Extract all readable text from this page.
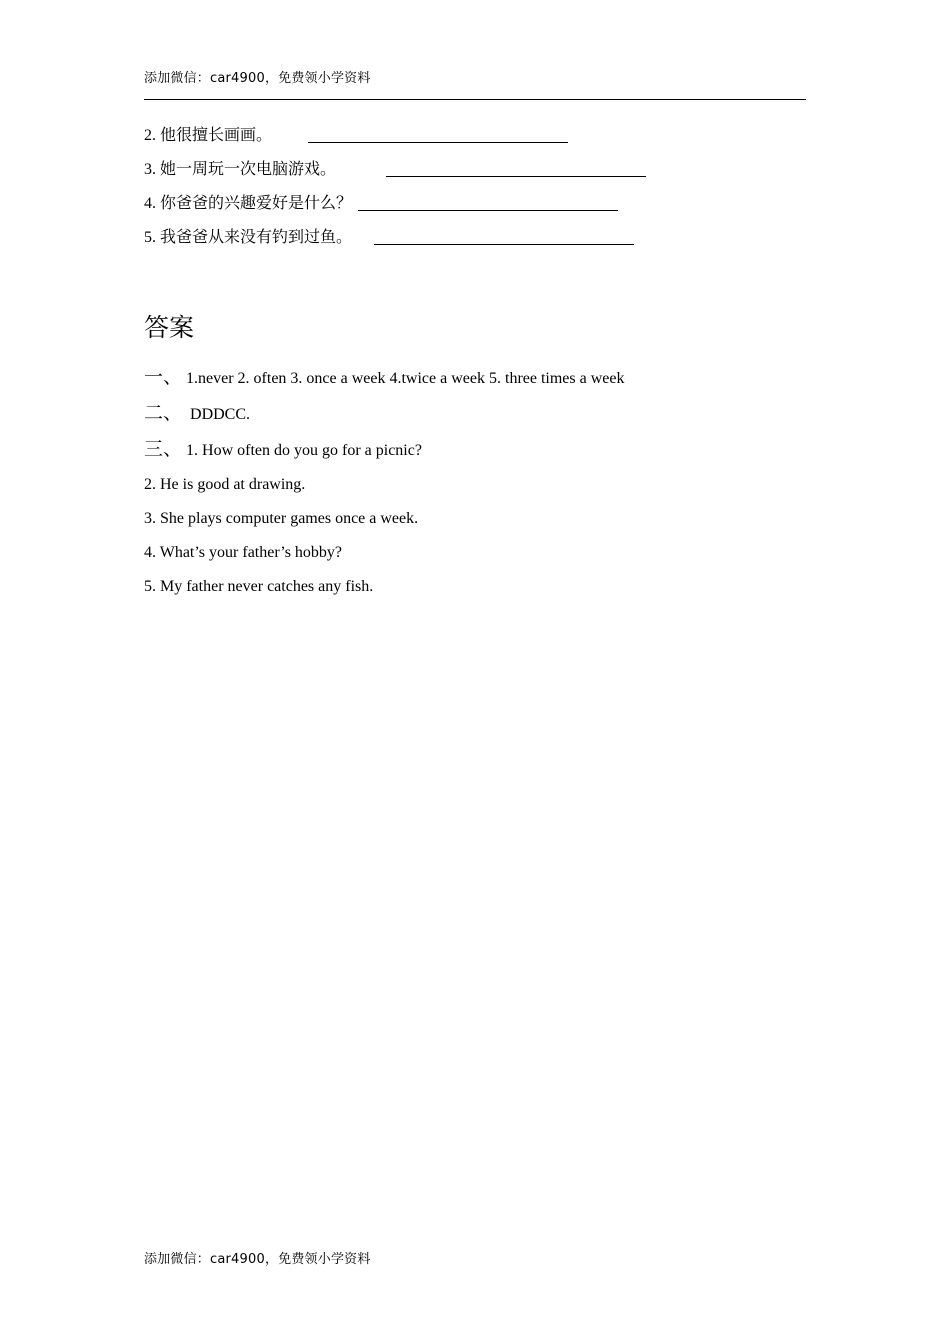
添加微信：car4900，免费领小学资料
2. 他很擅长画画。
3. 她一周玩一次电脑游戏。
4. 你爸爸的兴趣爱好是什么？
5. 我爸爸从来没有钓到过鱼。
答案
一、 1.never 2. often 3. once a week 4.twice a week 5. three times a week
二、 DDDCC.
三、 1. How often do you go for a picnic?
2. He is good at drawing.
3. She plays computer games once a week.
4. What’s your father’s hobby?
5. My father never catches any fish.
添加微信：car4900，免费领小学资料
